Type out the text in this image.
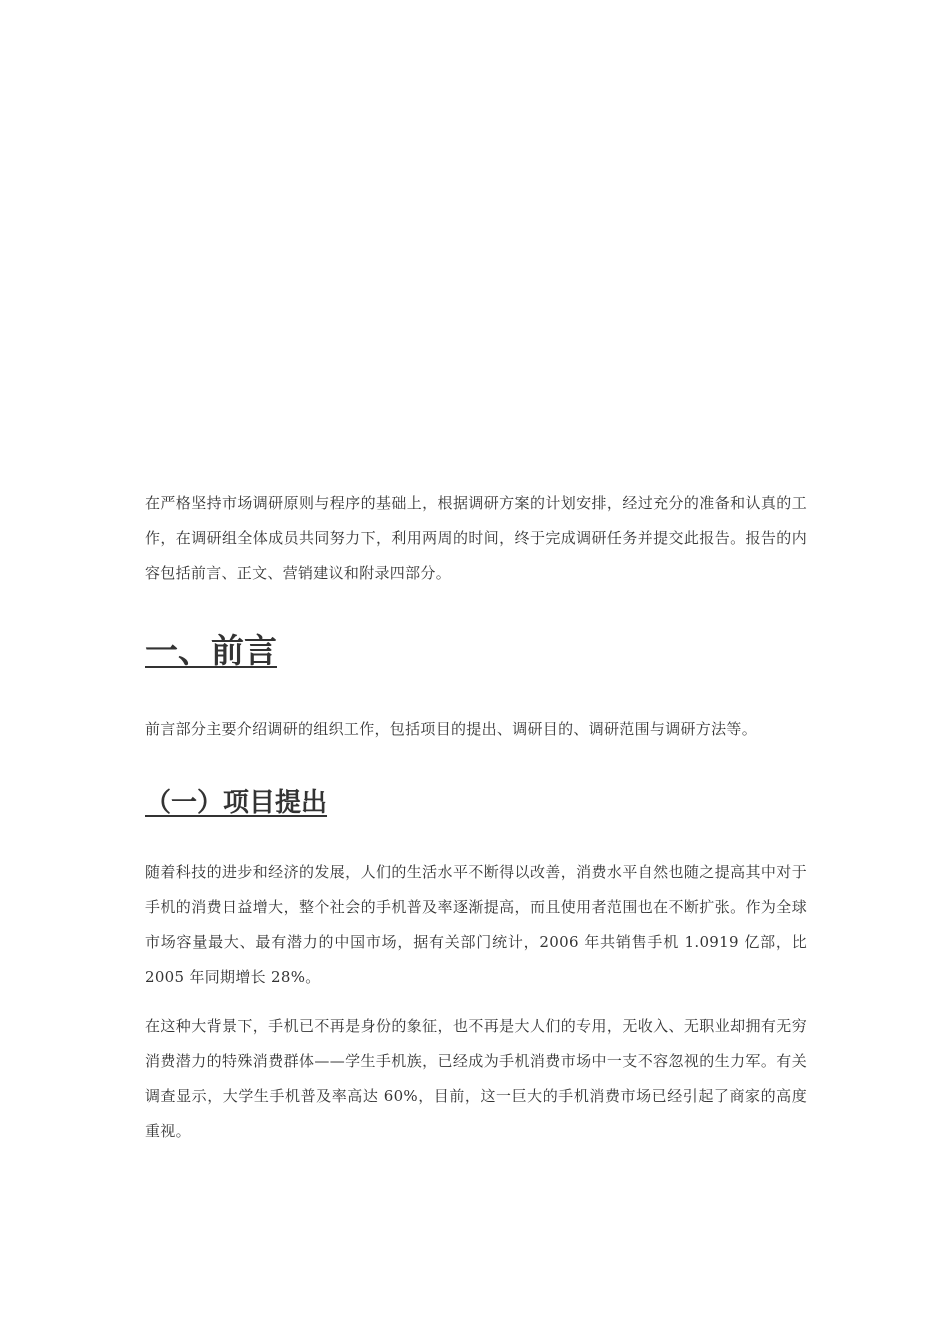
在严格坚持市场调研原则与程序的基础上，根据调研方案的计划安排，经过充分的准备和认真的工作，在调研组全体成员共同努力下，利用两周的时间，终于完成调研任务并提交此报告。报告的内容包括前言、正文、营销建议和附录四部分。

一、前言

前言部分主要介绍调研的组织工作，包括项目的提出、调研目的、调研范围与调研方法等。

（一）项目提出

随着科技的进步和经济的发展，人们的生活水平不断得以改善，消费水平自然也随之提高其中对于手机的消费日益增大，整个社会的手机普及率逐渐提高，而且使用者范围也在不断扩张。作为全球市场容量最大、最有潜力的中国市场，据有关部门统计，2006 年共销售手机 1.0919 亿部，比 2005 年同期增长 28%。

在这种大背景下，手机已不再是身份的象征，也不再是大人们的专用，无收入、无职业却拥有无穷消费潜力的特殊消费群体——学生手机族，已经成为手机消费市场中一支不容忽视的生力军。有关调查显示，大学生手机普及率高达 60%，目前，这一巨大的手机消费市场已经引起了商家的高度重视。
